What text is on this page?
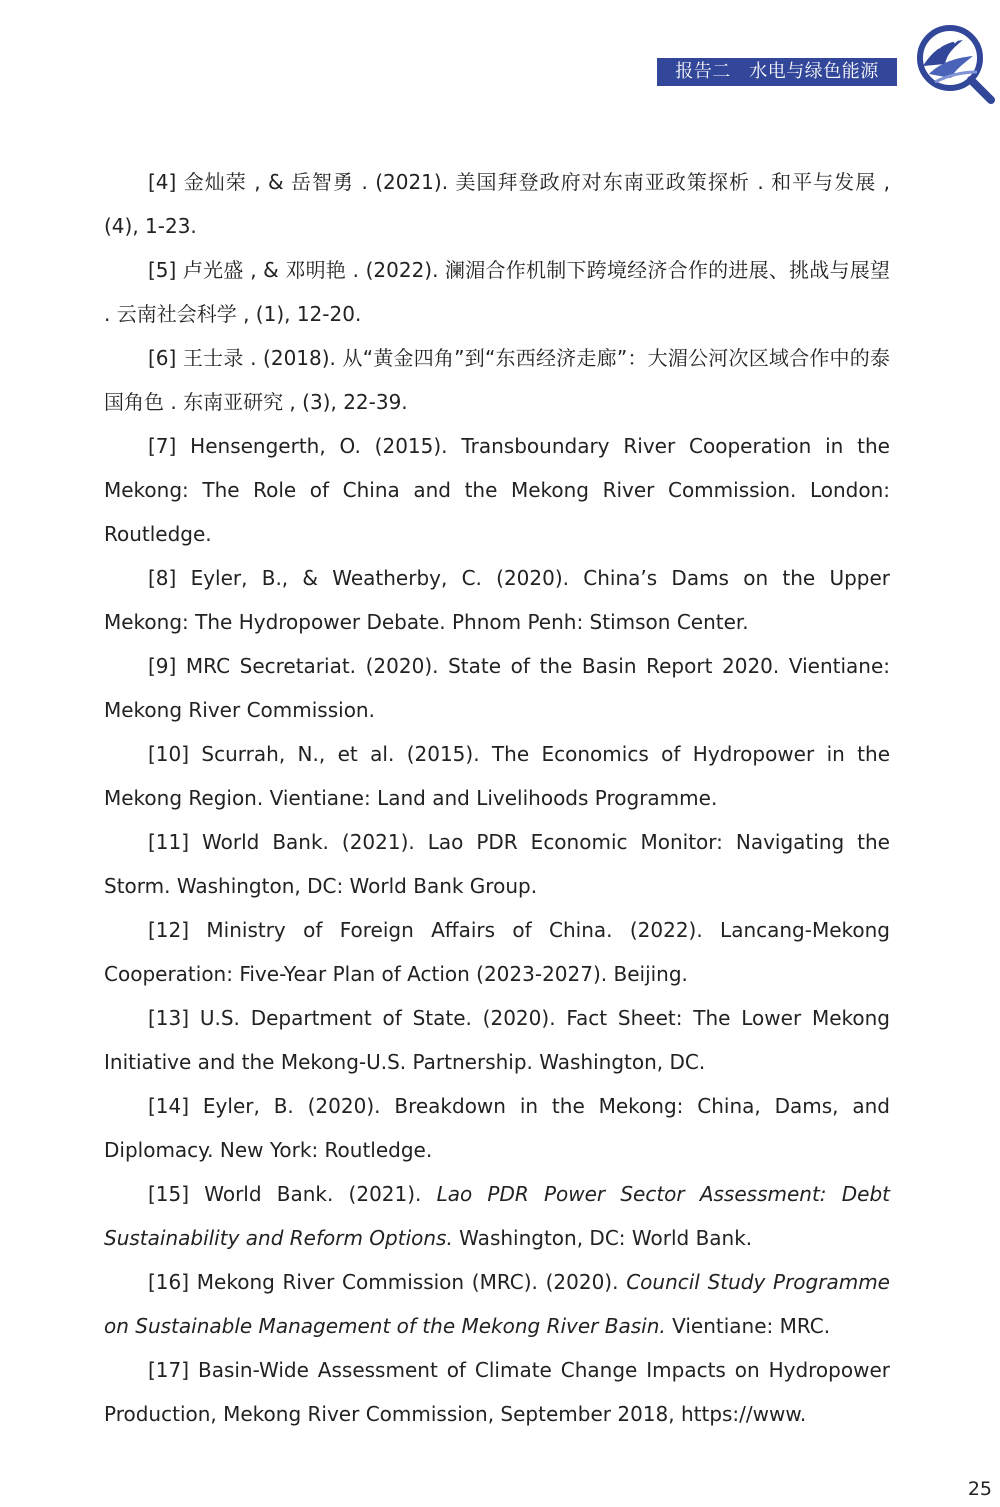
报告二　水电与绿色能源

[4] 金灿荣 , & 岳智勇 . (2021). 美国拜登政府对东南亚政策探析 . 和平与发展 , (4), 1-23.

[5] 卢光盛 , & 邓明艳 . (2022). 澜湄合作机制下跨境经济合作的进展、挑战与展望 . 云南社会科学 , (1), 12-20.

[6] 王士录 . (2018). 从“黄金四角”到“东西经济走廊”：大湄公河次区域合作中的泰国角色 . 东南亚研究 , (3), 22-39.

[7] Hensengerth, O. (2015). Transboundary River Cooperation in the Mekong: The Role of China and the Mekong River Commission. London: Routledge.

[8] Eyler, B., & Weatherby, C. (2020). China’s Dams on the Upper Mekong: The Hydropower Debate. Phnom Penh: Stimson Center.

[9] MRC Secretariat. (2020). State of the Basin Report 2020. Vientiane: Mekong River Commission.

[10] Scurrah, N., et al. (2015). The Economics of Hydropower in the Mekong Region. Vientiane: Land and Livelihoods Programme.

[11] World Bank. (2021). Lao PDR Economic Monitor: Navigating the Storm. Washington, DC: World Bank Group.

[12] Ministry of Foreign Affairs of China. (2022). Lancang-Mekong Cooperation: Five-Year Plan of Action (2023-2027). Beijing.

[13] U.S. Department of State. (2020). Fact Sheet: The Lower Mekong Initiative and the Mekong-U.S. Partnership. Washington, DC.

[14] Eyler, B. (2020). Breakdown in the Mekong: China, Dams, and Diplomacy. New York: Routledge.

[15] World Bank. (2021). Lao PDR Power Sector Assessment: Debt Sustainability and Reform Options. Washington, DC: World Bank.

[16] Mekong River Commission (MRC). (2020). Council Study Programme on Sustainable Management of the Mekong River Basin. Vientiane: MRC.

[17] Basin-Wide Assessment of Climate Change Impacts on Hydropower Production, Mekong River Commission, September 2018, https://www.

25
